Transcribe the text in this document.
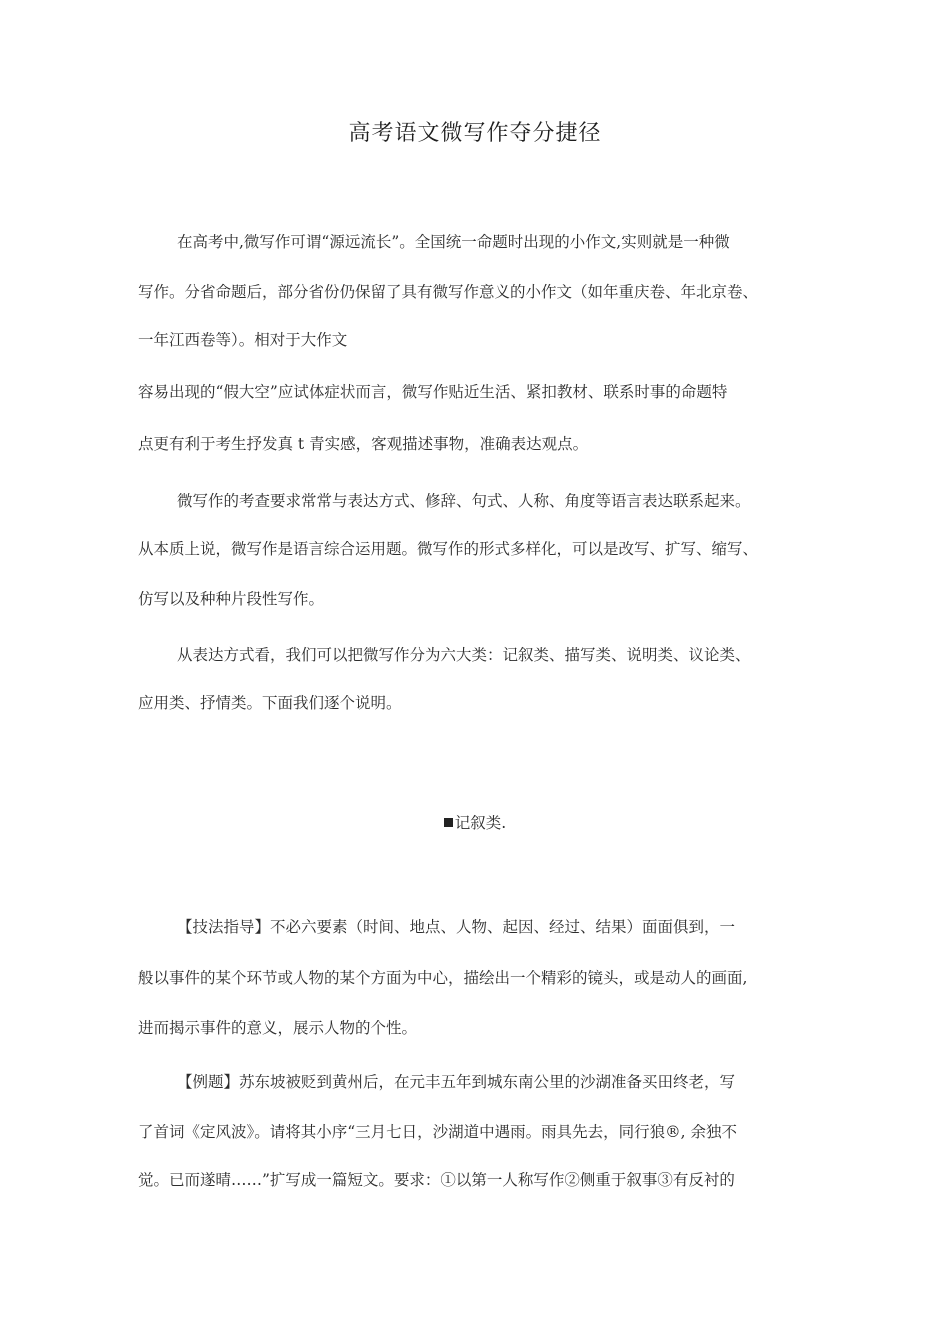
高考语文微写作夺分捷径
在高考中,微写作可谓“源远流长”。全国统一命题时出现的小作文,实则就是一种微
写作。分省命题后，部分省份仍保留了具有微写作意义的小作文（如年重庆卷、年北京卷、
一年江西卷等）。相对于大作文
容易出现的“假大空”应试体症状而言，微写作贴近生活、紧扣教材、联系时事的命题特
点更有利于考生抒发真 t 青实感，客观描述事物，准确表达观点。
微写作的考查要求常常与表达方式、修辞、句式、人称、角度等语言表达联系起来。
从本质上说，微写作是语言综合运用题。微写作的形式多样化，可以是改写、扩写、缩写、
仿写以及种种片段性写作。
从表达方式看，我们可以把微写作分为六大类：记叙类、描写类、说明类、议论类、
应用类、抒情类。下面我们逐个说明。
记叙类.
【技法指导】不必六要素（时间、地点、人物、起因、经过、结果）面面俱到，一
般以事件的某个环节或人物的某个方面为中心，描绘出一个精彩的镜头，或是动人的画面,
进而揭示事件的意义，展示人物的个性。
【例题】苏东坡被贬到黄州后，在元丰五年到城东南公里的沙湖准备买田终老，写
了首词《定风波》。请将其小序“三月七日，沙湖道中遇雨。雨具先去，同行狼®, 余独不
觉。已而遂晴……”扩写成一篇短文。要求：①以第一人称写作②侧重于叙事③有反衬的
